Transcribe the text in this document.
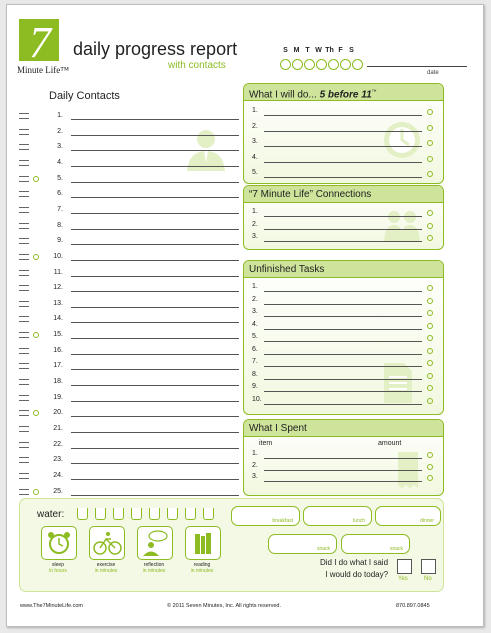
7
Minute Life™
daily progress report
with contacts
S M T W Th F S
date
Daily Contacts
1.
2.
3.
4.
5.
6.
7.
8.
9.
10.
11.
12.
13.
14.
15.
16.
17.
18.
19.
20.
21.
22.
23.
24.
25.
What I will do... 5 before 11™
1.
2.
3.
4.
5.
“7 Minute Life” Connections
1.
2.
3.
Unfinished Tasks
1.
2.
3.
4.
5.
6.
7.
8.
9.
10.
What I Spent
item	amount
1.
2.
3.
water:
breakfast	lunch	dinner
snack	snack
sleep
in hours
exercise
in minutes
reflection
in minutes
reading
in minutes
Did I do what I said
I would do today? Yes	No
www.The7MinuteLife.com	© 2011 Seven Minutes, Inc. All rights reserved.	870.897.0845
